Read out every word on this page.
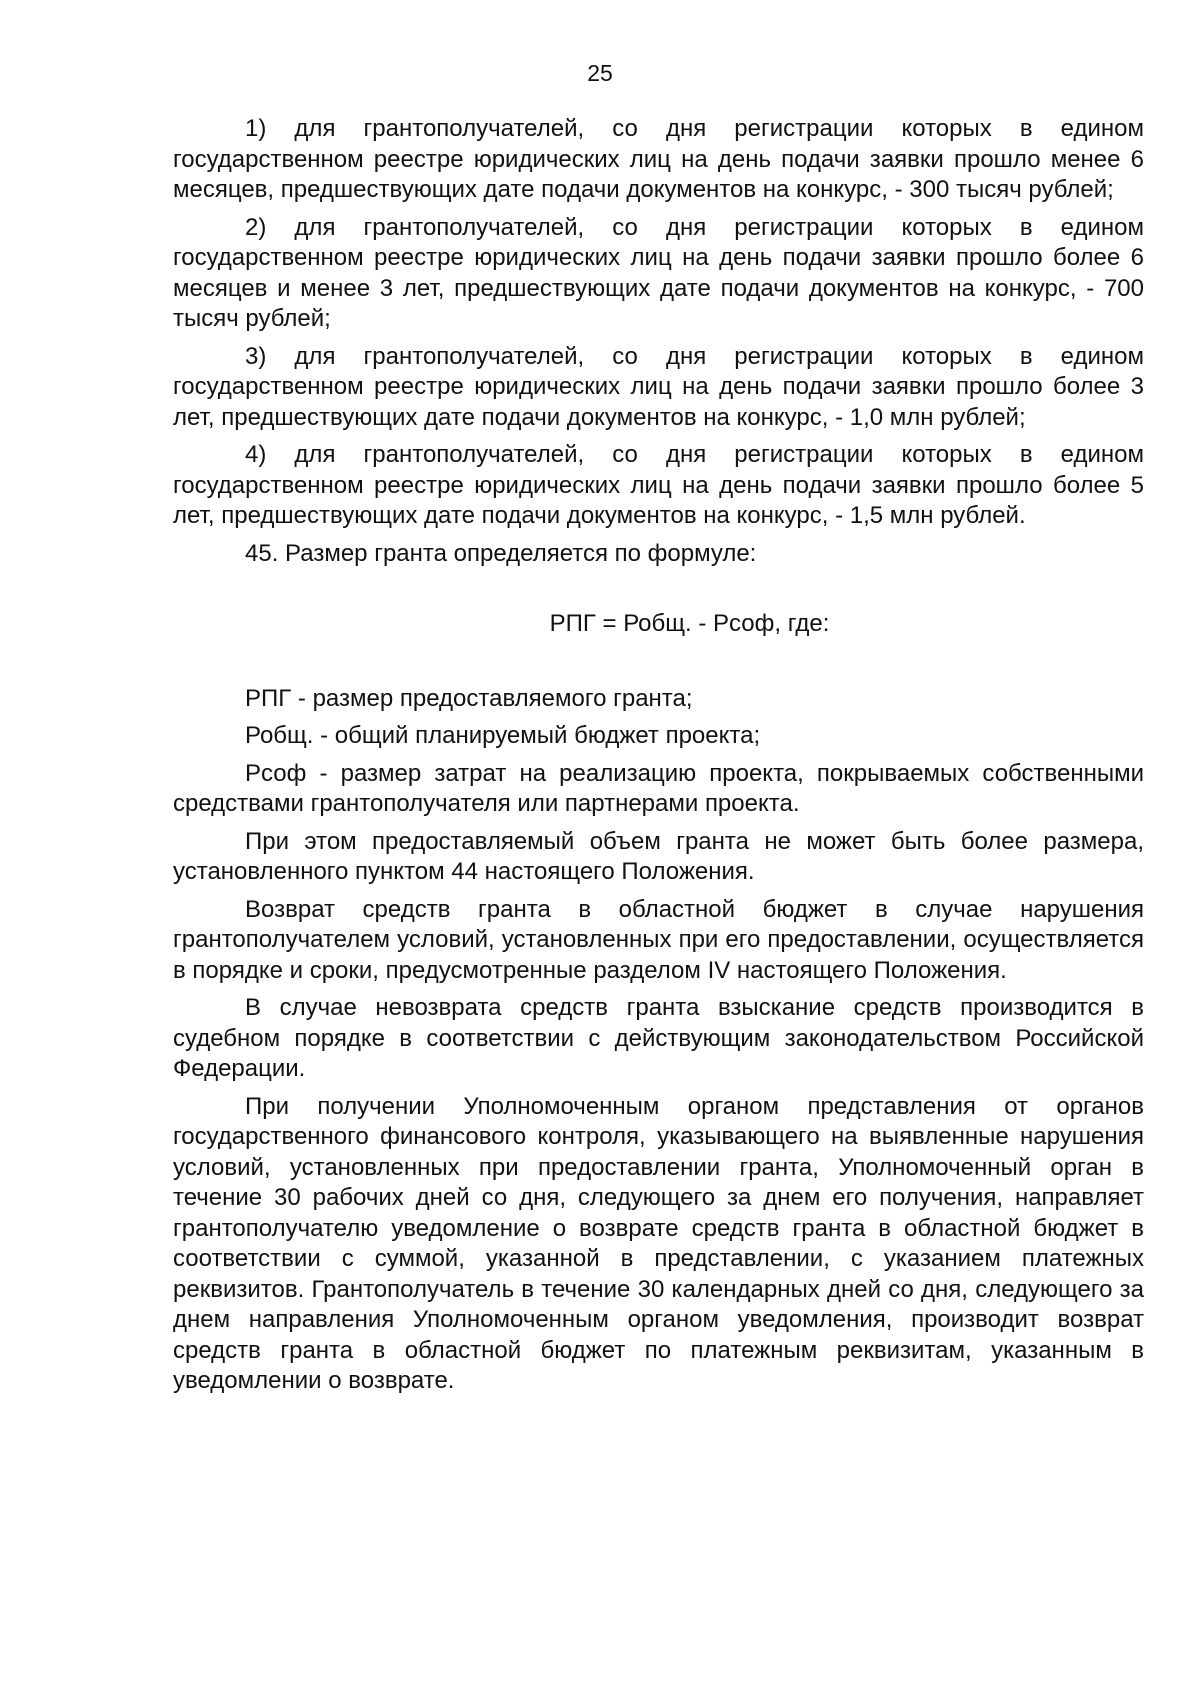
25

1) для грантополучателей, со дня регистрации которых в едином государственном реестре юридических лиц на день подачи заявки прошло менее 6 месяцев, предшествующих дате подачи документов на конкурс, - 300 тысяч рублей;

2) для грантополучателей, со дня регистрации которых в едином государственном реестре юридических лиц на день подачи заявки прошло более 6 месяцев и менее 3 лет, предшествующих дате подачи документов на конкурс, - 700 тысяч рублей;

3) для грантополучателей, со дня регистрации которых в едином государственном реестре юридических лиц на день подачи заявки прошло более 3 лет, предшествующих дате подачи документов на конкурс, - 1,0 млн рублей;

4) для грантополучателей, со дня регистрации которых в едином государственном реестре юридических лиц на день подачи заявки прошло более 5 лет, предшествующих дате подачи документов на конкурс, - 1,5 млн рублей.

45. Размер гранта определяется по формуле:

РПГ = Робщ. - Рсоф, где:

РПГ - размер предоставляемого гранта;

Робщ. - общий планируемый бюджет проекта;

Рсоф - размер затрат на реализацию проекта, покрываемых собственными средствами грантополучателя или партнерами проекта.

При этом предоставляемый объем гранта не может быть более размера, установленного пунктом 44 настоящего Положения.

Возврат средств гранта в областной бюджет в случае нарушения грантополучателем условий, установленных при его предоставлении, осуществляется в порядке и сроки, предусмотренные разделом IV настоящего Положения.

В случае невозврата средств гранта взыскание средств производится в судебном порядке в соответствии с действующим законодательством Российской Федерации.

При получении Уполномоченным органом представления от органов государственного финансового контроля, указывающего на выявленные нарушения условий, установленных при предоставлении гранта, Уполномоченный орган в течение 30 рабочих дней со дня, следующего за днем его получения, направляет грантополучателю уведомление о возврате средств гранта в областной бюджет в соответствии с суммой, указанной в представлении, с указанием платежных реквизитов. Грантополучатель в течение 30 календарных дней со дня, следующего за днем направления Уполномоченным органом уведомления, производит возврат средств гранта в областной бюджет по платежным реквизитам, указанным в уведомлении о возврате.
